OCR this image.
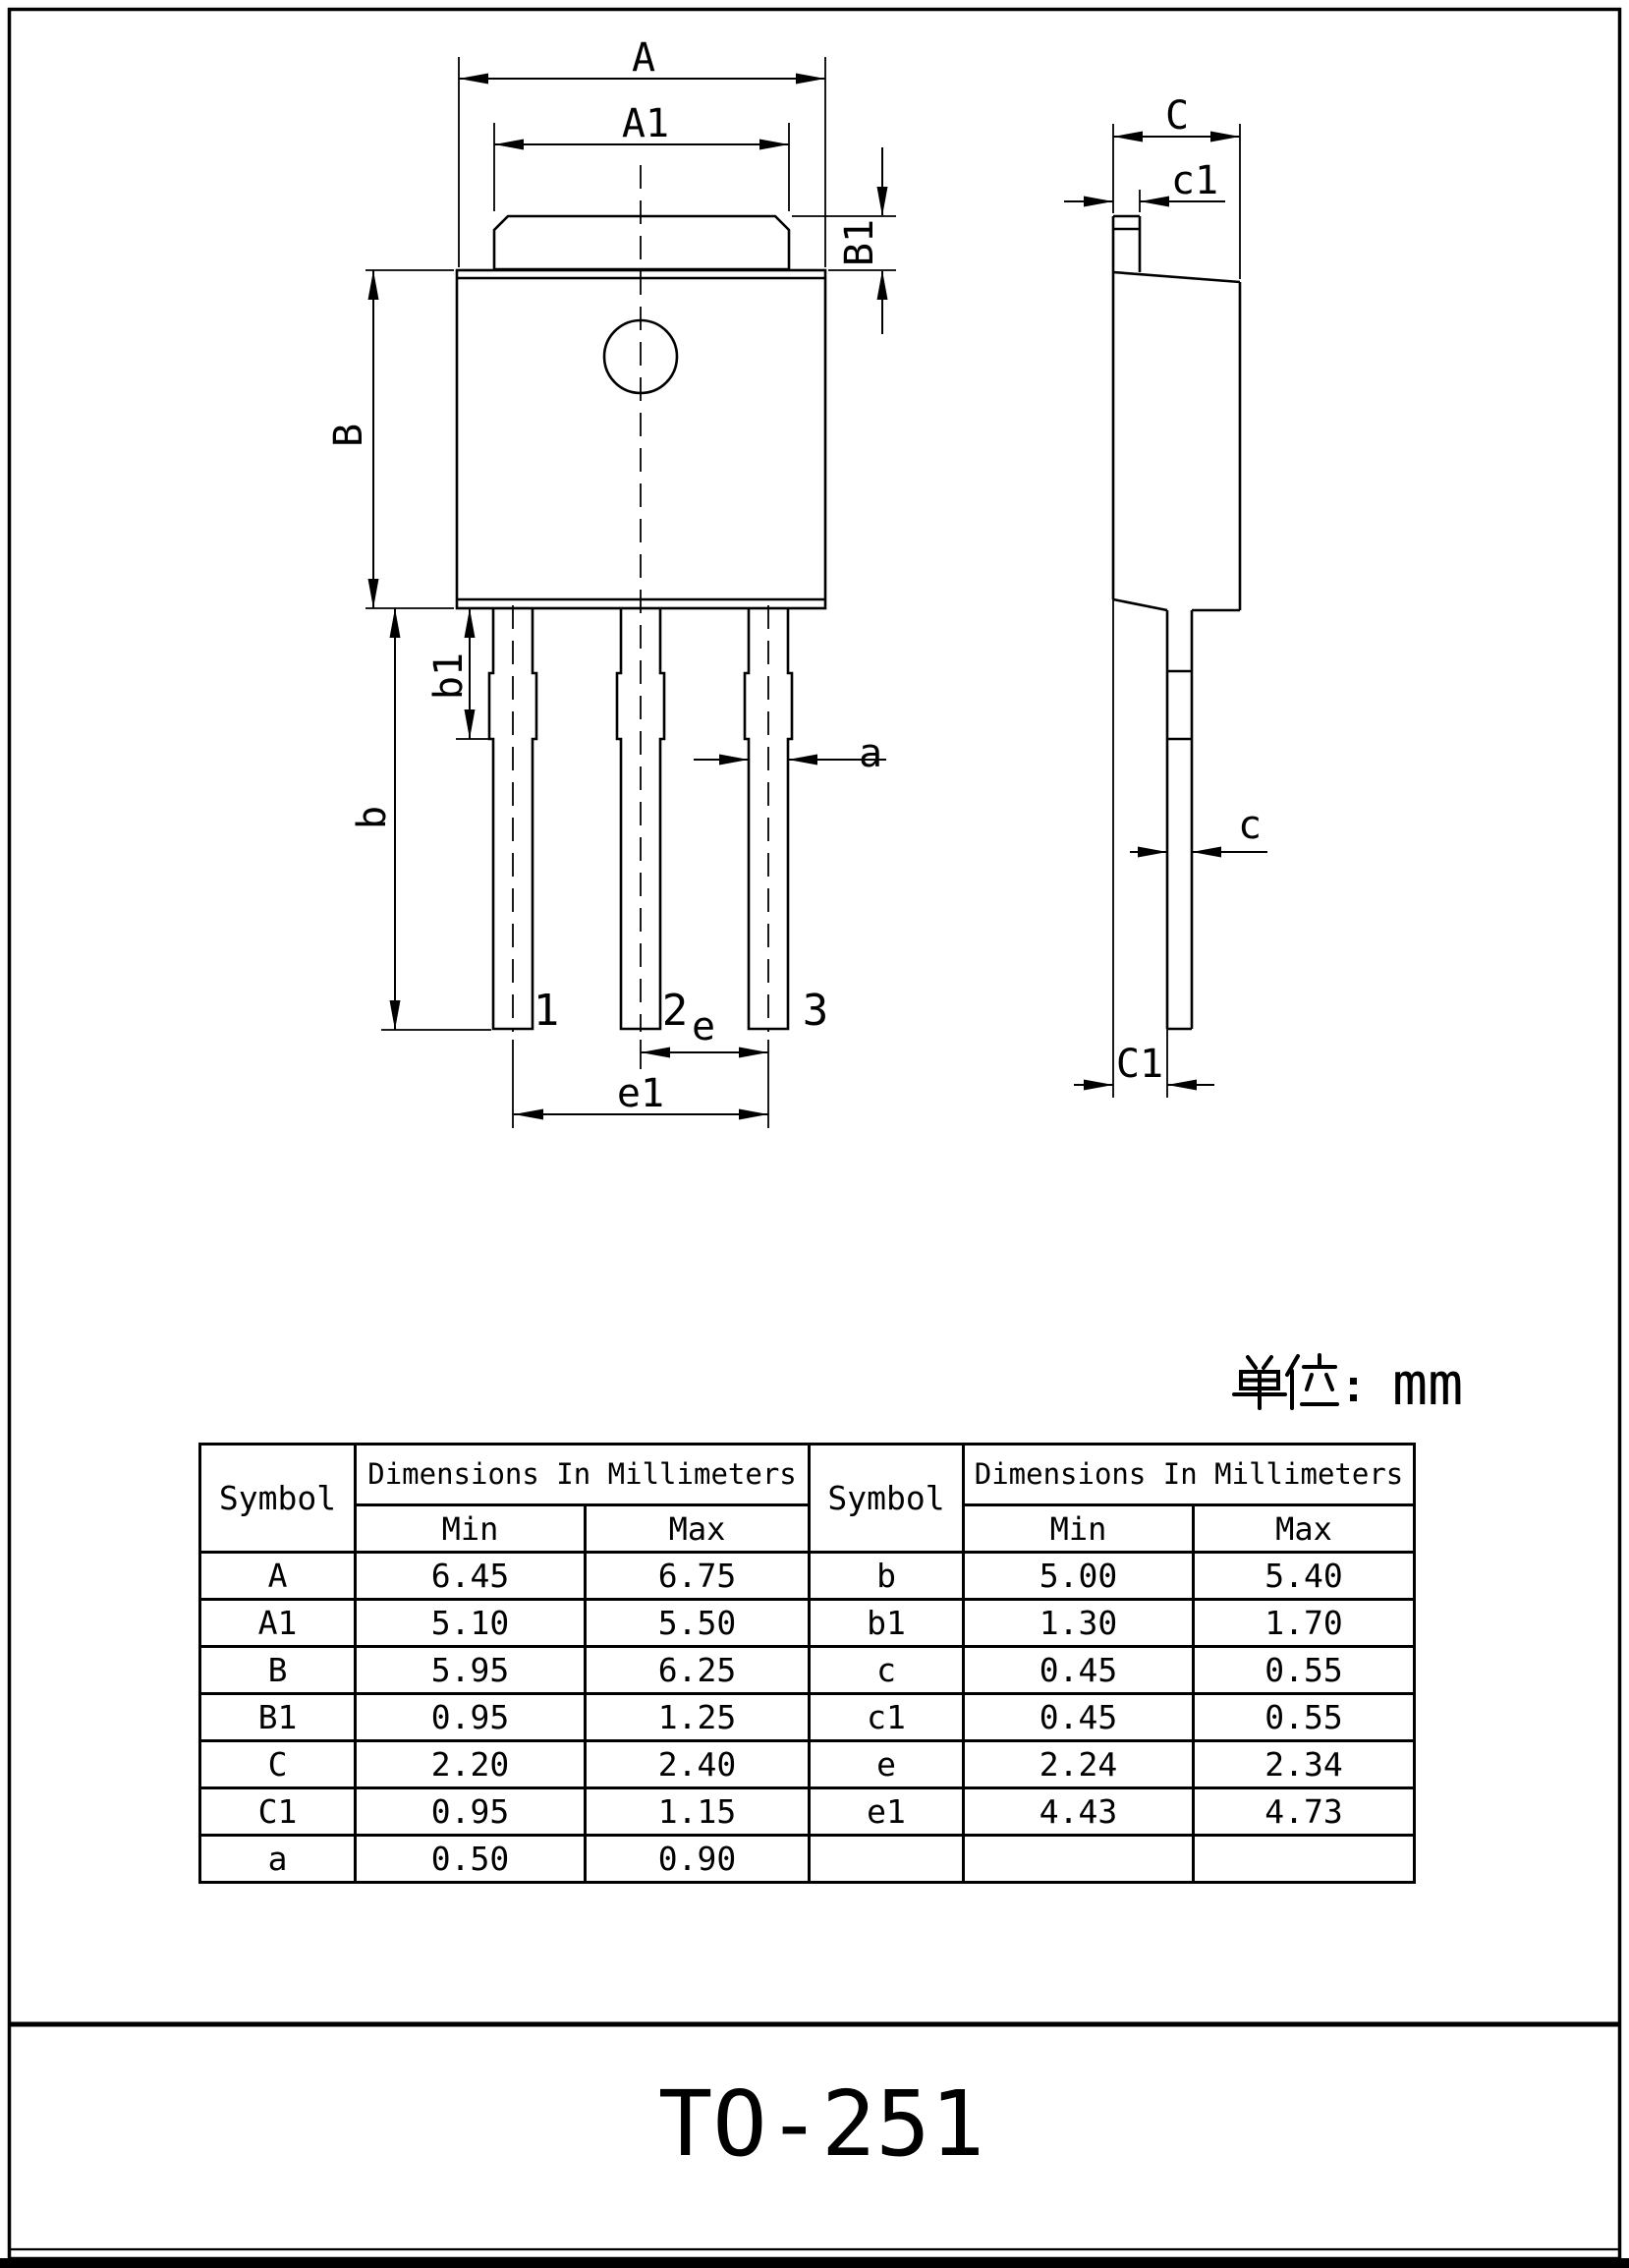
TO-251
A
A1
B
B1
b
b1
a
e
e1
C
c1
c
C1
1 2	3
mm
Symbol	Dimensions In Millimeters		Symbol	Dimensions In Millimeters	
	Min	Max		Min	Max
A	6.45	6.75	b	5.00	5.40
A1	5.10	5.50	b1	1.30	1.70
B	5.95	6.25	c	0.45	0.55
B1	0.95	1.25	c1	0.45	0.55
C	2.20	2.40	e	2.24	2.34
C1	0.95	1.15	e1	4.43	4.73
a	0.50	0.90			
